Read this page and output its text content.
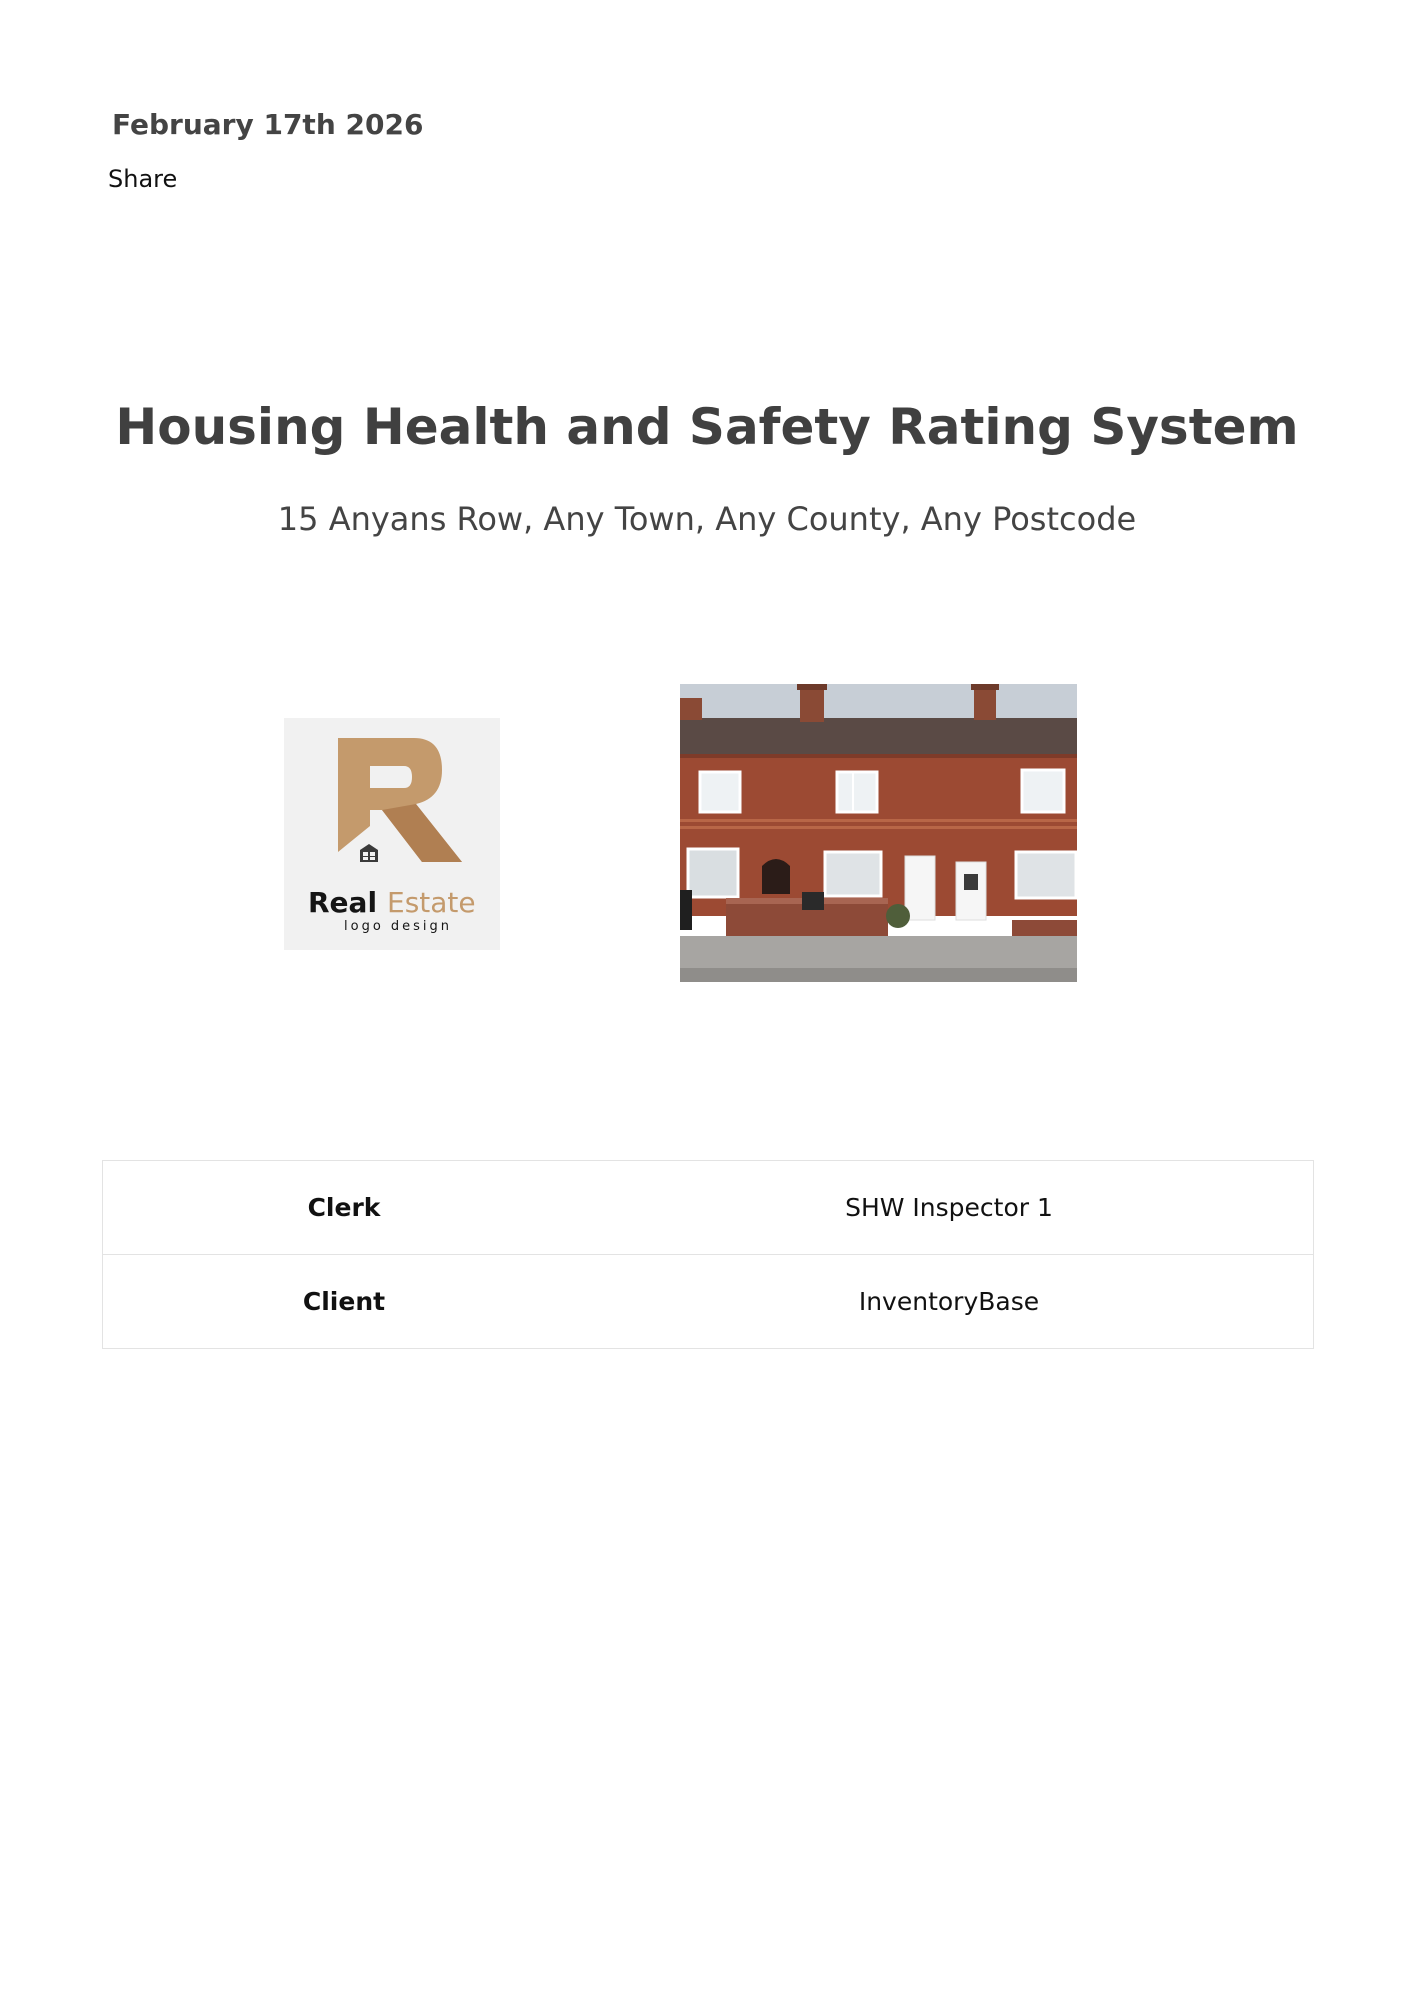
February 17th 2026
Share
Housing Health and Safety Rating System
15 Anyans Row, Any Town, Any County, Any Postcode
Real Estate
logo design
Clerk	SHW Inspector 1
Client	InventoryBase
